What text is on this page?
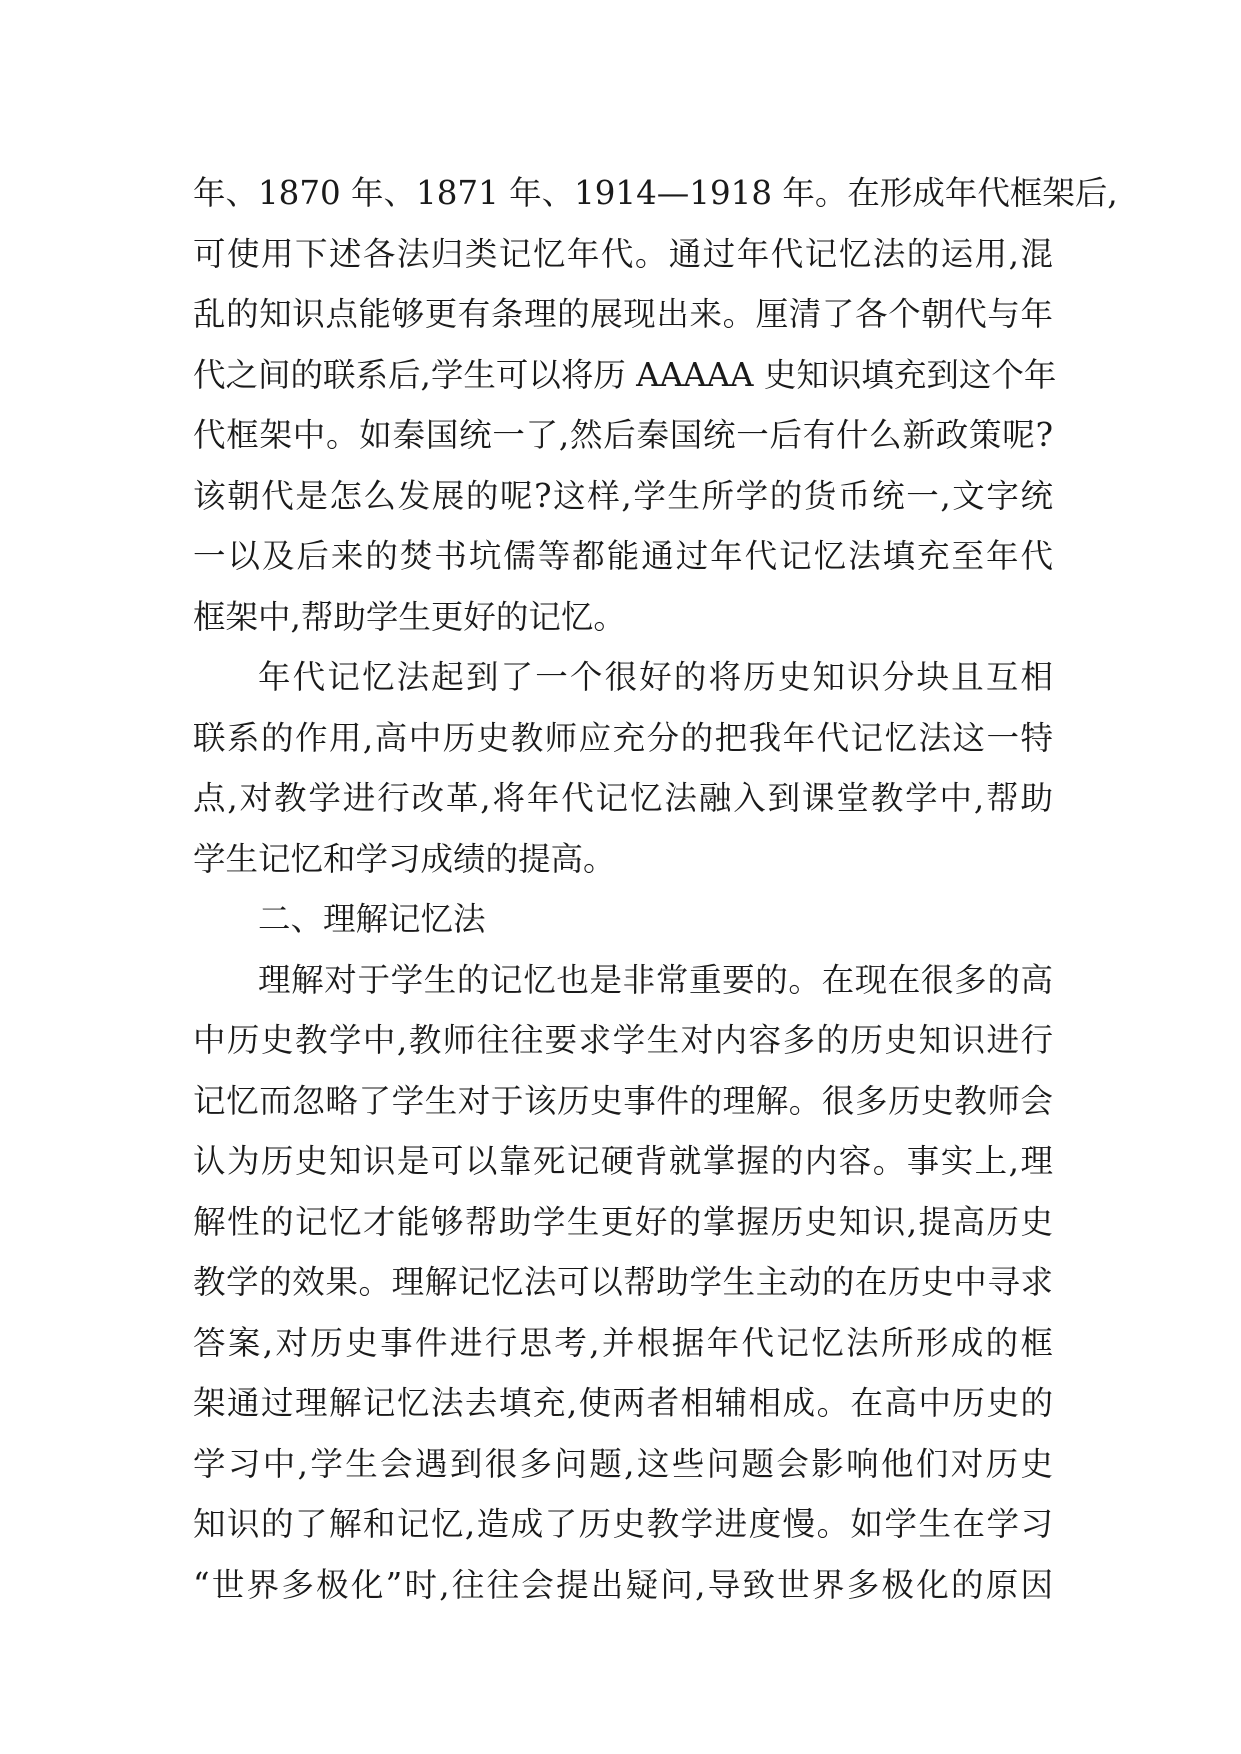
年、1870 年、1871 年、1914—1918 年。在形成年代框架后,
可使用下述各法归类记忆年代。通过年代记忆法的运用,混
乱的知识点能够更有条理的展现出来。厘清了各个朝代与年
代之间的联系后,学生可以将历 AAAAA 史知识填充到这个年
代框架中。如秦国统一了,然后秦国统一后有什么新政策呢?
该朝代是怎么发展的呢?这样,学生所学的货币统一,文字统
一以及后来的焚书坑儒等都能通过年代记忆法填充至年代
框架中,帮助学生更好的记忆。
年代记忆法起到了一个很好的将历史知识分块且互相
联系的作用,高中历史教师应充分的把我年代记忆法这一特
点,对教学进行改革,将年代记忆法融入到课堂教学中,帮助
学生记忆和学习成绩的提高。
二、理解记忆法
理解对于学生的记忆也是非常重要的。在现在很多的高
中历史教学中,教师往往要求学生对内容多的历史知识进行
记忆而忽略了学生对于该历史事件的理解。很多历史教师会
认为历史知识是可以靠死记硬背就掌握的内容。事实上,理
解性的记忆才能够帮助学生更好的掌握历史知识,提高历史
教学的效果。理解记忆法可以帮助学生主动的在历史中寻求
答案,对历史事件进行思考,并根据年代记忆法所形成的框
架通过理解记忆法去填充,使两者相辅相成。在高中历史的
学习中,学生会遇到很多问题,这些问题会影响他们对历史
知识的了解和记忆,造成了历史教学进度慢。如学生在学习
“世界多极化”时,往往会提出疑问,导致世界多极化的原因
